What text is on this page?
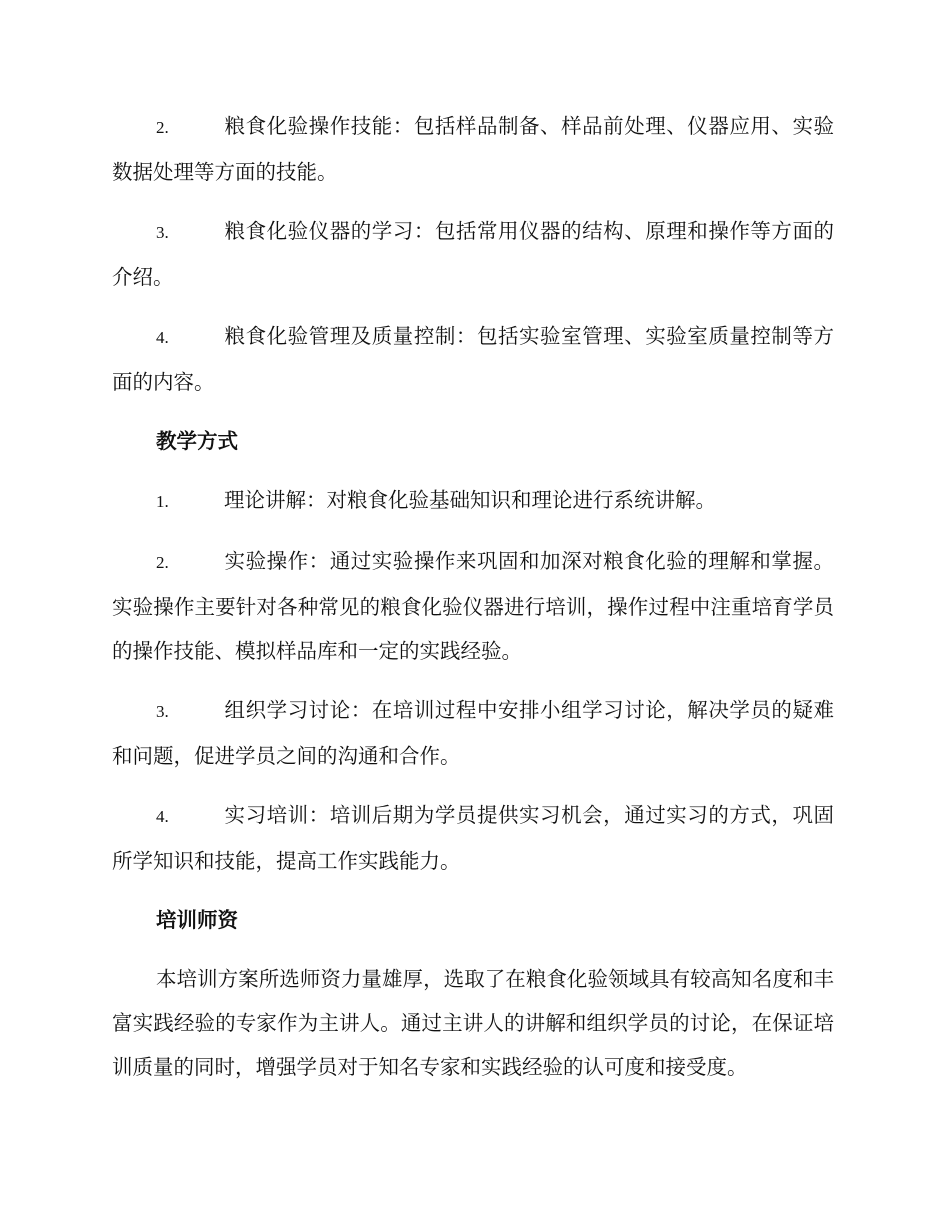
2.	粮食化验操作技能：包括样品制备、样品前处理、仪器应用、实验数据处理等方面的技能。
3.	粮食化验仪器的学习：包括常用仪器的结构、原理和操作等方面的介绍。
4.	粮食化验管理及质量控制：包括实验室管理、实验室质量控制等方面的内容。
教学方式
1.	理论讲解：对粮食化验基础知识和理论进行系统讲解。
2.	实验操作：通过实验操作来巩固和加深对粮食化验的理解和掌握。实验操作主要针对各种常见的粮食化验仪器进行培训，操作过程中注重培育学员的操作技能、模拟样品库和一定的实践经验。
3.	组织学习讨论：在培训过程中安排小组学习讨论，解决学员的疑难和问题，促进学员之间的沟通和合作。
4.	实习培训：培训后期为学员提供实习机会，通过实习的方式，巩固所学知识和技能，提高工作实践能力。
培训师资

本培训方案所选师资力量雄厚，选取了在粮食化验领域具有较高知名度和丰富实践经验的专家作为主讲人。通过主讲人的讲解和组织学员的讨论，在保证培训质量的同时，增强学员对于知名专家和实践经验的认可度和接受度。
